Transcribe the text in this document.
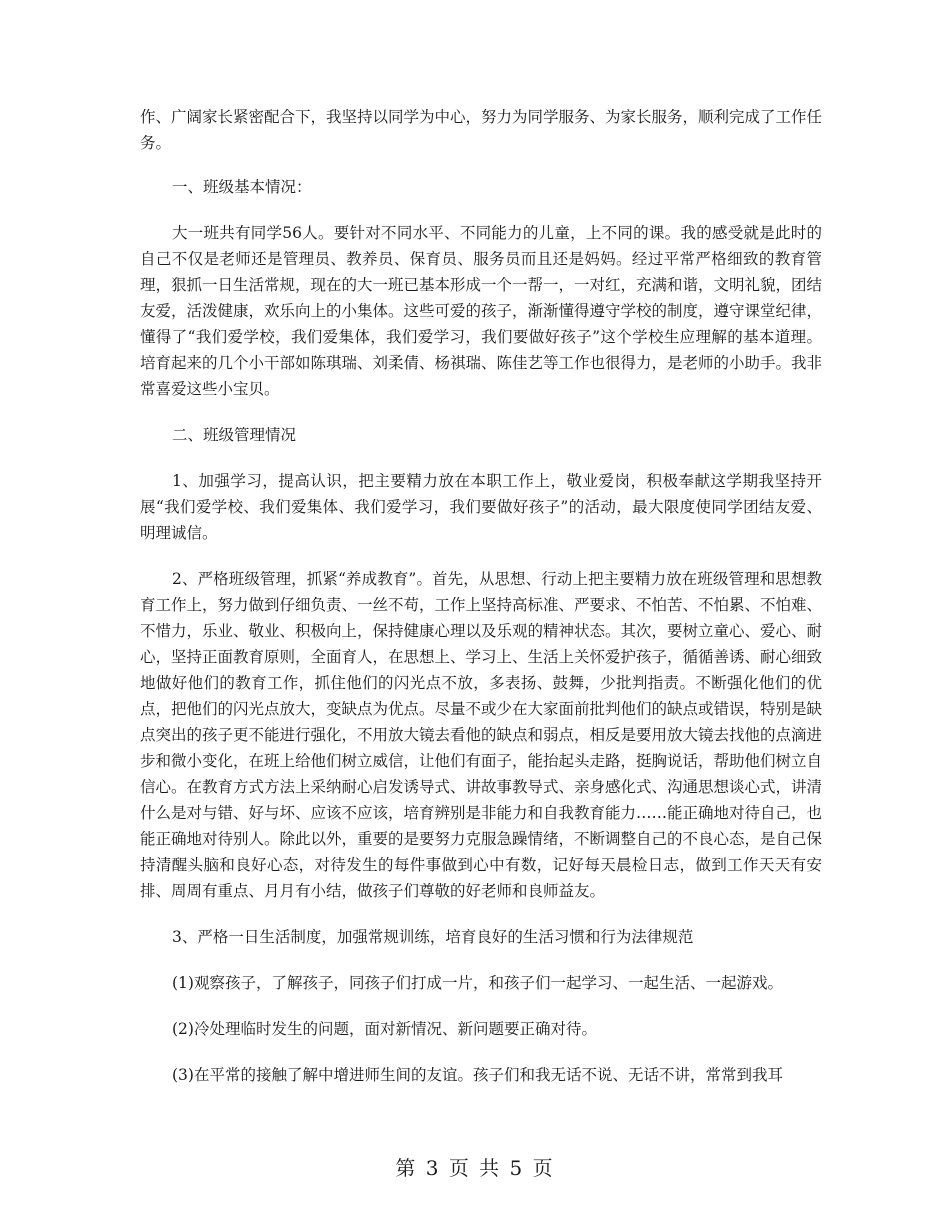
作、广阔家长紧密配合下，我坚持以同学为中心，努力为同学服务、为家长服务，顺利完成了工作任务。

一、班级基本情况：

大一班共有同学56人。要针对不同水平、不同能力的儿童，上不同的课。我的感受就是此时的自己不仅是老师还是管理员、教养员、保育员、服务员而且还是妈妈。经过平常严格细致的教育管理，狠抓一日生活常规，现在的大一班已基本形成一个一帮一，一对红，充满和谐，文明礼貌，团结友爱，活泼健康，欢乐向上的小集体。这些可爱的孩子，渐渐懂得遵守学校的制度，遵守课堂纪律，懂得了“我们爱学校，我们爱集体，我们爱学习，我们要做好孩子”这个学校生应理解的基本道理。培育起来的几个小干部如陈琪瑞、刘柔倩、杨祺瑞、陈佳艺等工作也很得力，是老师的小助手。我非常喜爱这些小宝贝。

二、班级管理情况

1、加强学习，提高认识，把主要精力放在本职工作上，敬业爱岗，积极奉献这学期我坚持开展“我们爱学校、我们爱集体、我们爱学习，我们要做好孩子”的活动，最大限度使同学团结友爱、明理诚信。

2、严格班级管理，抓紧“养成教育”。首先，从思想、行动上把主要精力放在班级管理和思想教育工作上，努力做到仔细负责、一丝不苟，工作上坚持高标准、严要求、不怕苦、不怕累、不怕难、不惜力，乐业、敬业、积极向上，保持健康心理以及乐观的精神状态。其次，要树立童心、爱心、耐心，坚持正面教育原则，全面育人，在思想上、学习上、生活上关怀爱护孩子，循循善诱、耐心细致地做好他们的教育工作，抓住他们的闪光点不放，多表扬、鼓舞，少批判指责。不断强化他们的优点，把他们的闪光点放大，变缺点为优点。尽量不或少在大家面前批判他们的缺点或错误，特别是缺点突出的孩子更不能进行强化，不用放大镜去看他的缺点和弱点，相反是要用放大镜去找他的点滴进步和微小变化，在班上给他们树立威信，让他们有面子，能抬起头走路，挺胸说话，帮助他们树立自信心。在教育方式方法上采纳耐心启发诱导式、讲故事教导式、亲身感化式、沟通思想谈心式，讲清什么是对与错、好与坏、应该不应该，培育辨别是非能力和自我教育能力……能正确地对待自己，也能正确地对待别人。除此以外，重要的是要努力克服急躁情绪，不断调整自己的不良心态，是自己保持清醒头脑和良好心态，对待发生的每件事做到心中有数，记好每天晨检日志，做到工作天天有安排、周周有重点、月月有小结，做孩子们尊敬的好老师和良师益友。

3、严格一日生活制度，加强常规训练，培育良好的生活习惯和行为法律规范

(1)观察孩子，了解孩子，同孩子们打成一片，和孩子们一起学习、一起生活、一起游戏。

(2)冷处理临时发生的问题，面对新情况、新问题要正确对待。

(3)在平常的接触了解中增进师生间的友谊。孩子们和我无话不说、无话不讲，常常到我耳

第 3 页 共 5 页
